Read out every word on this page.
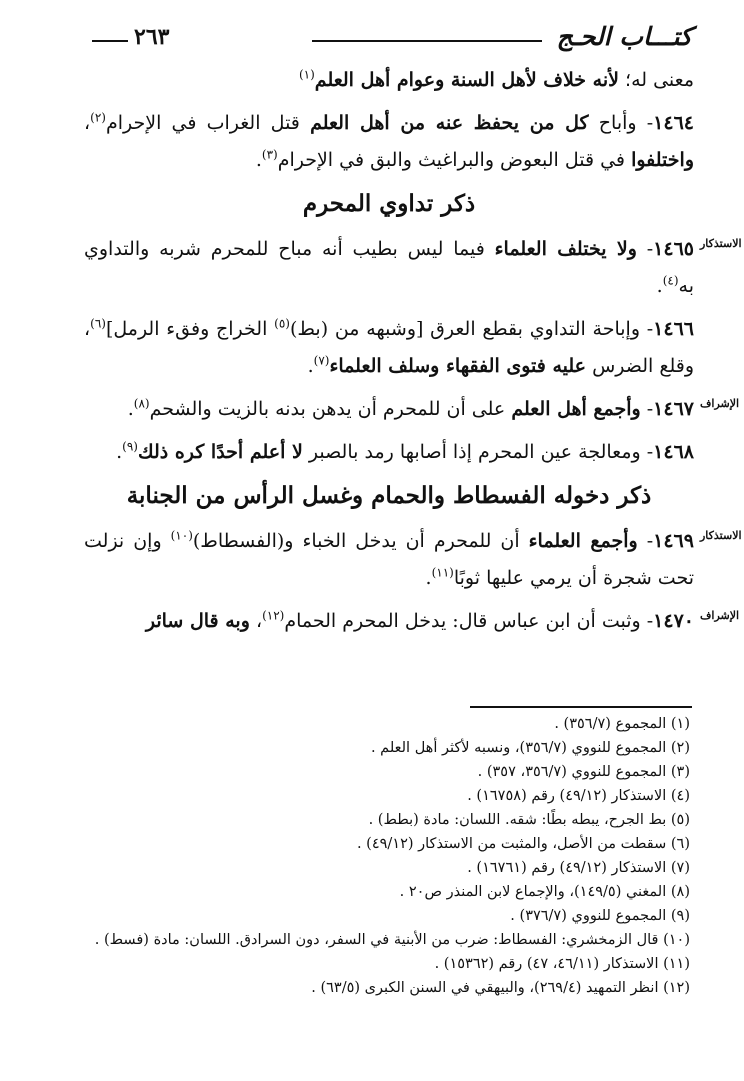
كتـــاب الحـج
٢٦٣

معنى له؛ لأنه خلاف لأهل السنة وعوام أهل العلم$^{(١)}$

١٤٦٤- وأباح كل من يحفظ عنه من أهل العلم قتل الغراب في الإحرام$^{(٢)}$، واختلفوا في قتل البعوض والبراغيث والبق في الإحرام$^{(٣)}$.

ذكر تداوي المحرم

الاستذكار
١٤٦٥- ولا يختلف العلماء فيما ليس بطيب أنه مباح للمحرم شربه والتداوي به$^{(٤)}$.

١٤٦٦- وإباحة التداوي بقطع العرق [وشبهه من (بط)$^{(٥)}$ الخراج وفقء الرمل]$^{(٦)}$، وقلع الضرس عليه فتوى الفقهاء وسلف العلماء$^{(٧)}$.

الإشراف
١٤٦٧- وأجمع أهل العلم على أن للمحرم أن يدهن بدنه بالزيت والشحم$^{(٨)}$.

١٤٦٨- ومعالجة عين المحرم إذا أصابها رمد بالصبر لا أعلم أحدًا كره ذلك$^{(٩)}$.

ذكر دخوله الفسطاط والحمام وغسل الرأس من الجنابة

الاستذكار
١٤٦٩- وأجمع العلماء أن للمحرم أن يدخل الخباء و(الفسطاط)$^{(١٠)}$ وإن نزلت تحت شجرة أن يرمي عليها ثوبًا$^{(١١)}$.

الإشراف
١٤٧٠- وثبت أن ابن عباس قال: يدخل المحرم الحمام$^{(١٢)}$، وبه قال سائر

(١) المجموع (٣٥٦/٧) .
(٢) المجموع للنووي (٣٥٦/٧)، ونسبه لأكثر أهل العلم .
(٣) المجموع للنووي (٣٥٦/٧، ٣٥٧) .
(٤) الاستذكار (٤٩/١٢) رقم (١٦٧٥٨) .
(٥) بط الجرح، يبطه بطًا: شقه. اللسان: مادة (بطط) .
(٦) سقطت من الأصل، والمثبت من الاستذكار (٤٩/١٢) .
(٧) الاستذكار (٤٩/١٢) رقم (١٦٧٦١) .
(٨) المغني (١٤٩/٥)، والإجماع لابن المنذر ص٢٠ .
(٩) المجموع للنووي (٣٧٦/٧) .
(١٠) قال الزمخشري: الفسطاط: ضرب من الأبنية في السفر، دون السرادق. اللسان: مادة (فسط) .
(١١) الاستذكار (٤٦/١١، ٤٧) رقم (١٥٣٦٢) .
(١٢) انظر التمهيد (٢٦٩/٤)، والبيهقي في السنن الكبرى (٦٣/٥) .
